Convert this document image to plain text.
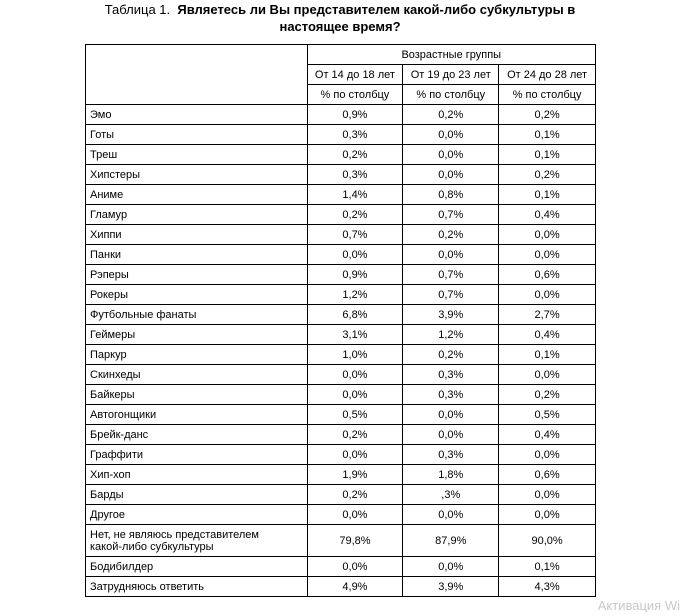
Таблица 1. Являетесь ли Вы представителем какой-либо субкультуры в
настоящее время?
	Возрастные группы		
	От 14 до 18 лет	От 19 до 23 лет	От 24 до 28 лет
	% по столбцу	% по столбцу	% по столбцу
Эмо	0,9%	0,2%	0,2%
Готы	0,3%	0,0%	0,1%
Треш	0,2%	0,0%	0,1%
Хипстеры	0,3%	0,0%	0,2%
Аниме	1,4%	0,8%	0,1%
Гламур	0,2%	0,7%	0,4%
Хиппи	0,7%	0,2%	0,0%
Панки	0,0%	0,0%	0,0%
Рэперы	0,9%	0,7%	0,6%
Рокеры	1,2%	0,7%	0,0%
Футбольные фанаты	6,8%	3,9%	2,7%
Геймеры	3,1%	1,2%	0,4%
Паркур	1,0%	0,2%	0,1%
Скинхеды	0,0%	0,3%	0,0%
Байкеры	0,0%	0,3%	0,2%
Автогонщики	0,5%	0,0%	0,5%
Брейк-данс	0,2%	0,0%	0,4%
Граффити	0,0%	0,3%	0,0%
Хип-хоп	1,9%	1,8%	0,6%
Барды	0,2%	,3%	0,0%
Другое	0,0%	0,0%	0,0%

Нет, не являюсь представителем
какой-либо субкультуры	79,8%	87,9%	90,0%
Бодибилдер	0,0%	0,0%	0,1%
Затрудняюсь ответить	4,9%	3,9%	4,3%
Активация Wi
